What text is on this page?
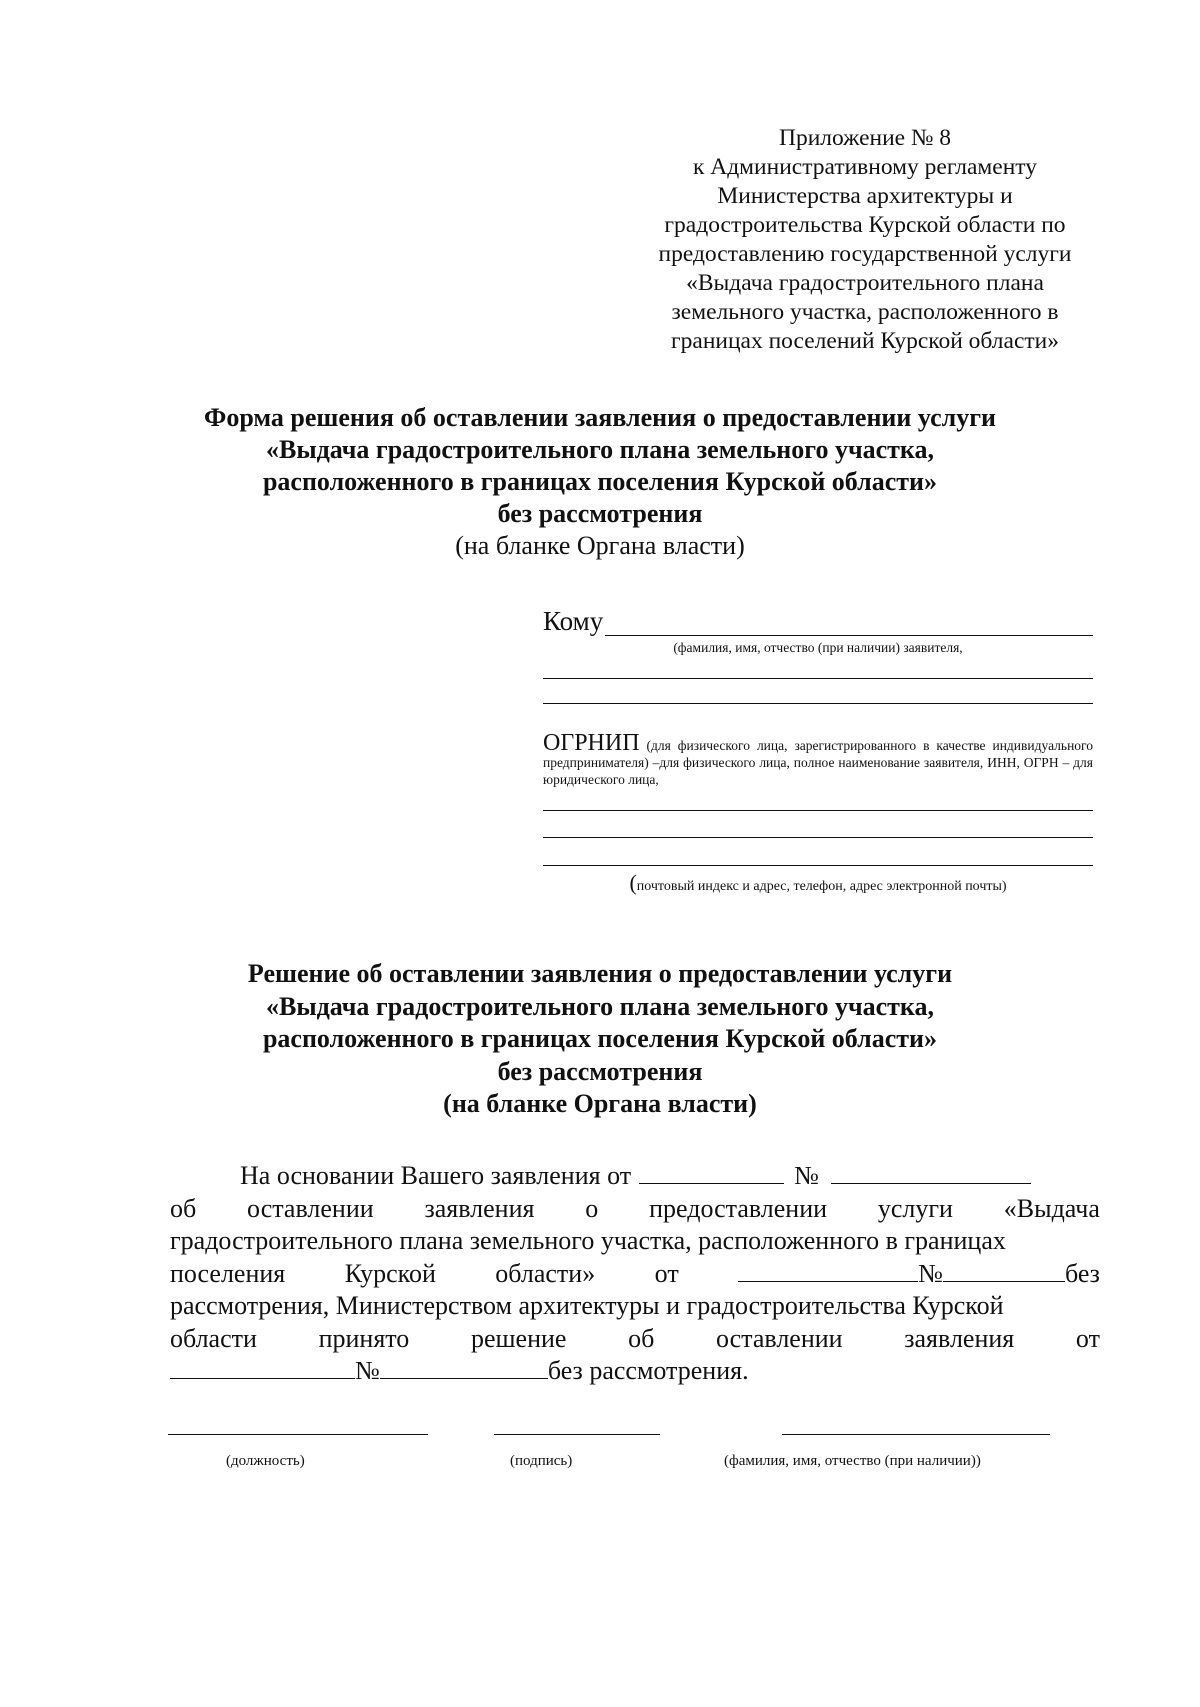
Приложение № 8
к Административному регламенту
Министерства архитектуры и
градостроительства Курской области по
предоставлению государственной услуги
«Выдача градостроительного плана
земельного участка, расположенного в
границах поселений Курской области»
Форма решения об оставлении заявления о предоставлении услуги
«Выдача градостроительного плана земельного участка,
расположенного в границах поселения Курской области»
без рассмотрения
(на бланке Органа власти)
Кому
(фамилия, имя, отчество (при наличии) заявителя,
ОГРНИП (для физического лица, зарегистрированного в качестве индивидуального предпринимателя) –для физического лица, полное наименование заявителя, ИНН, ОГРН – для юридического лица,
(почтовый индекс и адрес, телефон, адрес электронной почты)
Решение об оставлении заявления о предоставлении услуги
«Выдача градостроительного плана земельного участка,
расположенного в границах поселения Курской области»
без рассмотрения
(на бланке Органа власти)
На основании Вашего заявления от	№
об оставлении заявления о предоставлении услуги «Выдача
градостроительного плана земельного участка, расположенного в границах
поселения Курской области» от	№	без
рассмотрения, Министерством архитектуры и градостроительства Курской
области принято решение об оставлении заявления от
№	без рассмотрения.
(должность)	(подпись)	(фамилия, имя, отчество (при наличии))
